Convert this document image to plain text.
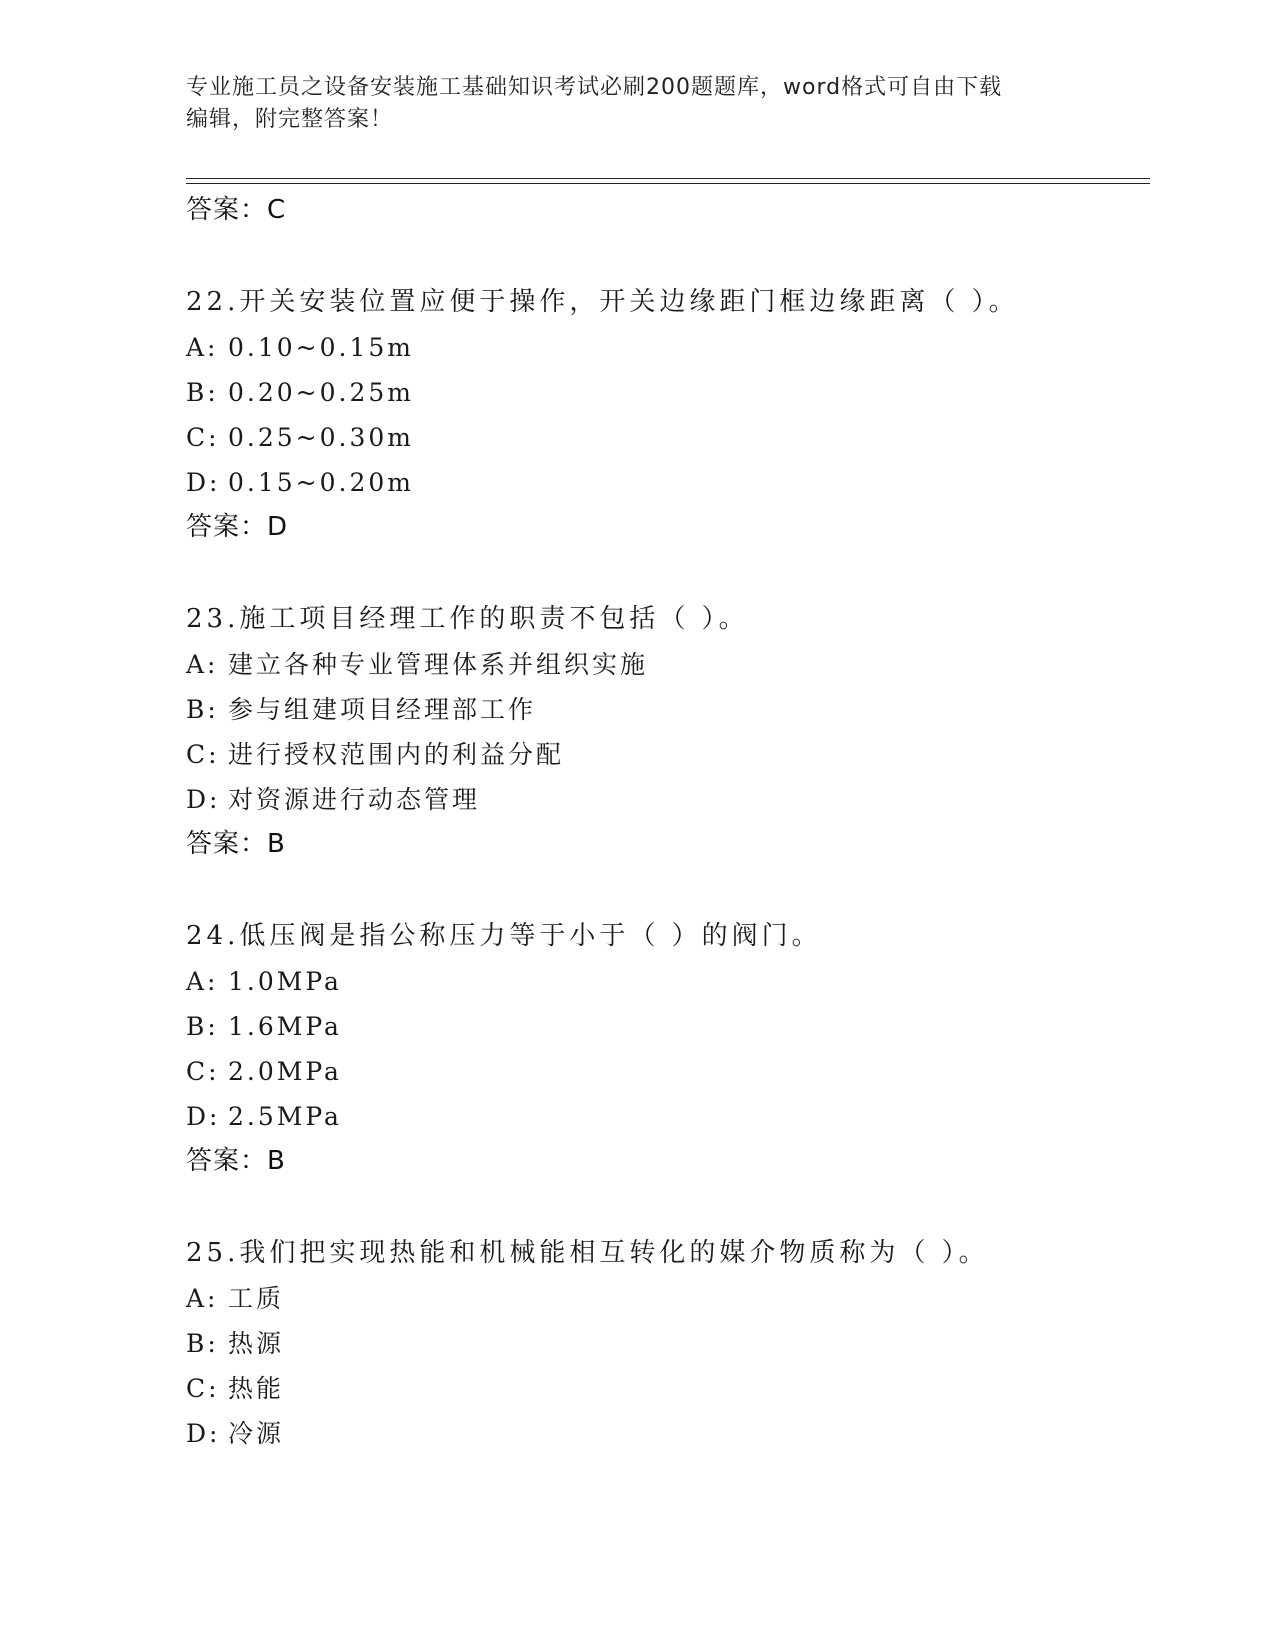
专业施工员之设备安装施工基础知识考试必刷200题题库，word格式可自由下载
编辑，附完整答案！
答案：C
22.开关安装位置应便于操作，开关边缘距门框边缘距离（ ）。
A: 0.10~0.15m
B: 0.20~0.25m
C: 0.25~0.30m
D: 0.15~0.20m
答案：D
23.施工项目经理工作的职责不包括（ ）。
A: 建立各种专业管理体系并组织实施
B: 参与组建项目经理部工作
C: 进行授权范围内的利益分配
D: 对资源进行动态管理
答案：B
24.低压阀是指公称压力等于小于（ ）的阀门。
A: 1.0MPa
B: 1.6MPa
C: 2.0MPa
D: 2.5MPa
答案：B
25.我们把实现热能和机械能相互转化的媒介物质称为（ ）。
A: 工质
B: 热源
C: 热能
D: 冷源
